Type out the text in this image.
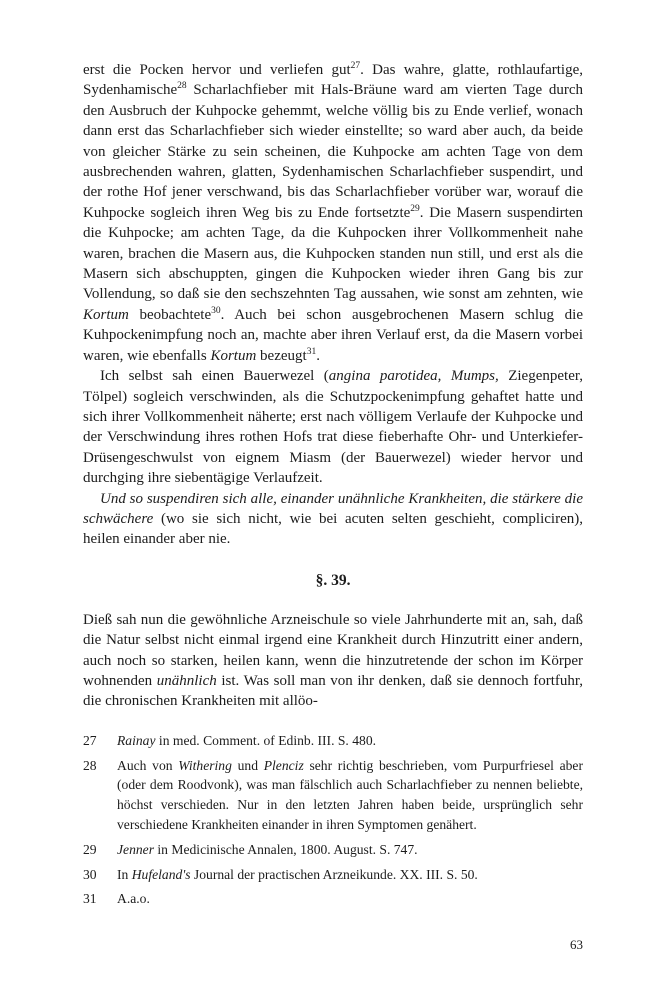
erst die Pocken hervor und verliefen gut$^{27}$. Das wahre, glatte, rothlaufartige, Sydenhamische$^{28}$ Scharlachfieber mit Hals-Bräune ward am vierten Tage durch den Ausbruch der Kuhpocke gehemmt, welche völlig bis zu Ende verlief, wonach dann erst das Scharlachfieber sich wieder einstellte; so ward aber auch, da beide von gleicher Stärke zu sein scheinen, die Kuhpocke am achten Tage von dem ausbrechenden wahren, glatten, Sydenhamischen Scharlachfieber suspendirt, und der rothe Hof jener verschwand, bis das Scharlachfieber vorüber war, worauf die Kuhpocke sogleich ihren Weg bis zu Ende fortsetzte$^{29}$. Die Masern suspendirten die Kuhpocke; am achten Tage, da die Kuhpocken ihrer Vollkommenheit nahe waren, brachen die Masern aus, die Kuhpocken standen nun still, und erst als die Masern sich abschuppten, gingen die Kuhpocken wieder ihren Gang bis zur Vollendung, so daß sie den sechszehnten Tag aussahen, wie sonst am zehnten, wie Kortum beobachtete$^{30}$. Auch bei schon ausgebrochenen Masern schlug die Kuhpockenimpfung noch an, machte aber ihren Verlauf erst, da die Masern vorbei waren, wie ebenfalls Kortum bezeugt$^{31}$.

Ich selbst sah einen Bauerwezel (angina parotidea, Mumps, Ziegenpeter, Tölpel) sogleich verschwinden, als die Schutzpockenimpfung gehaftet hatte und sich ihrer Vollkommenheit näherte; erst nach völligem Verlaufe der Kuhpocke und der Verschwindung ihres rothen Hofs trat diese fieberhafte Ohr- und Unterkiefer-Drüsengeschwulst von eignem Miasm (der Bauerwezel) wieder hervor und durchging ihre siebentägige Verlaufzeit.

Und so suspendiren sich alle, einander unähnliche Krankheiten, die stärkere die schwächere (wo sie sich nicht, wie bei acuten selten geschieht, compliciren), heilen einander aber nie.

§. 39.

Dieß sah nun die gewöhnliche Arzneischule so viele Jahrhunderte mit an, sah, daß die Natur selbst nicht einmal irgend eine Krankheit durch Hinzutritt einer andern, auch noch so starken, heilen kann, wenn die hinzutretende der schon im Körper wohnenden unähnlich ist. Was soll man von ihr denken, daß sie dennoch fortfuhr, die chronischen Krankheiten mit allöo-

27	Rainay in med. Comment. of Edinb. III. S. 480.
28	Auch von Withering und Plenciz sehr richtig beschrieben, vom Purpurfriesel aber (oder dem Roodvonk), was man fälschlich auch Scharlachfieber zu nennen beliebte, höchst verschieden. Nur in den letzten Jahren haben beide, ursprünglich sehr verschiedene Krankheiten einander in ihren Symptomen genähert.
29	Jenner in Medicinische Annalen, 1800. August. S. 747.
30	In Hufeland's Journal der practischen Arzneikunde. XX. III. S. 50.
31	A.a.o.
63
